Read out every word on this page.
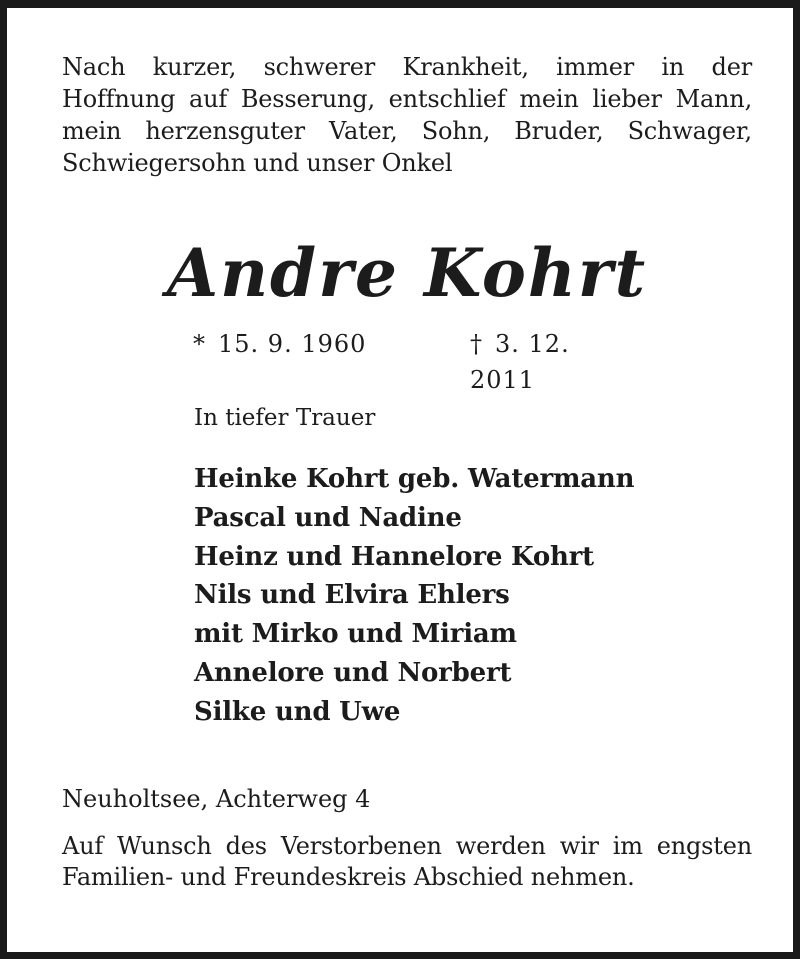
Nach kurzer, schwerer Krankheit, immer in der Hoffnung auf Besserung, entschlief mein lieber Mann, mein herzensguter Vater, Sohn, Bruder, Schwager, Schwiegersohn und unser Onkel
Andre Kohrt
* 15. 9. 1960	† 3. 12. 2011
In tiefer Trauer
Heinke Kohrt geb. Watermann
Pascal und Nadine
Heinz und Hannelore Kohrt
Nils und Elvira Ehlers
mit Mirko und Miriam
Annelore und Norbert
Silke und Uwe
Neuholtsee, Achterweg 4
Auf Wunsch des Verstorbenen werden wir im engsten Familien- und Freundeskreis Abschied nehmen.
